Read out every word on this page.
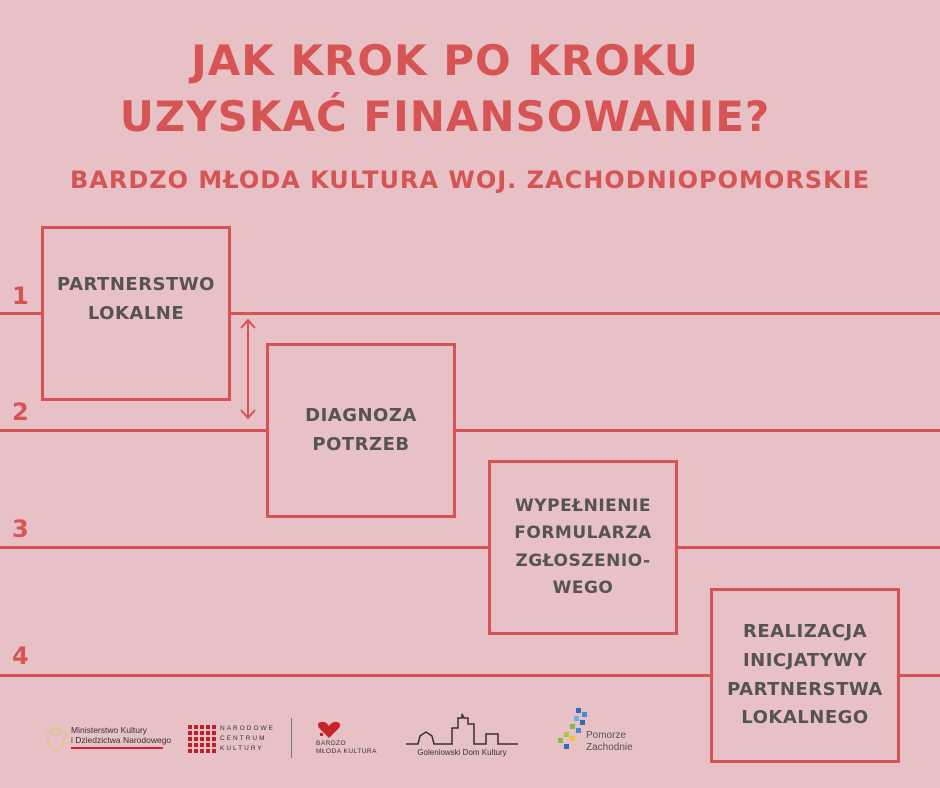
JAK KROK PO KROKU
UZYSKAĆ FINANSOWANIE?
BARDZO MŁODA KULTURA WOJ. ZACHODNIOPOMORSKIE
1
2
3
4
PARTNERSTWO
LOKALNE
DIAGNOZA
POTRZEB
WYPEŁNIENIE
FORMULARZA
ZGŁOSZENIO-
WEGO
REALIZACJA
INICJATYWY
PARTNERSTWA
LOKALNEGO
Ministerstwo Kultury
i Dziedzictwa Narodowego
NARODOWE
CENTRUM
KULTURY
BARDZO
MŁODA KULTURA	Goleniowski Dom Kultury
Pomorze
Zachodnie
